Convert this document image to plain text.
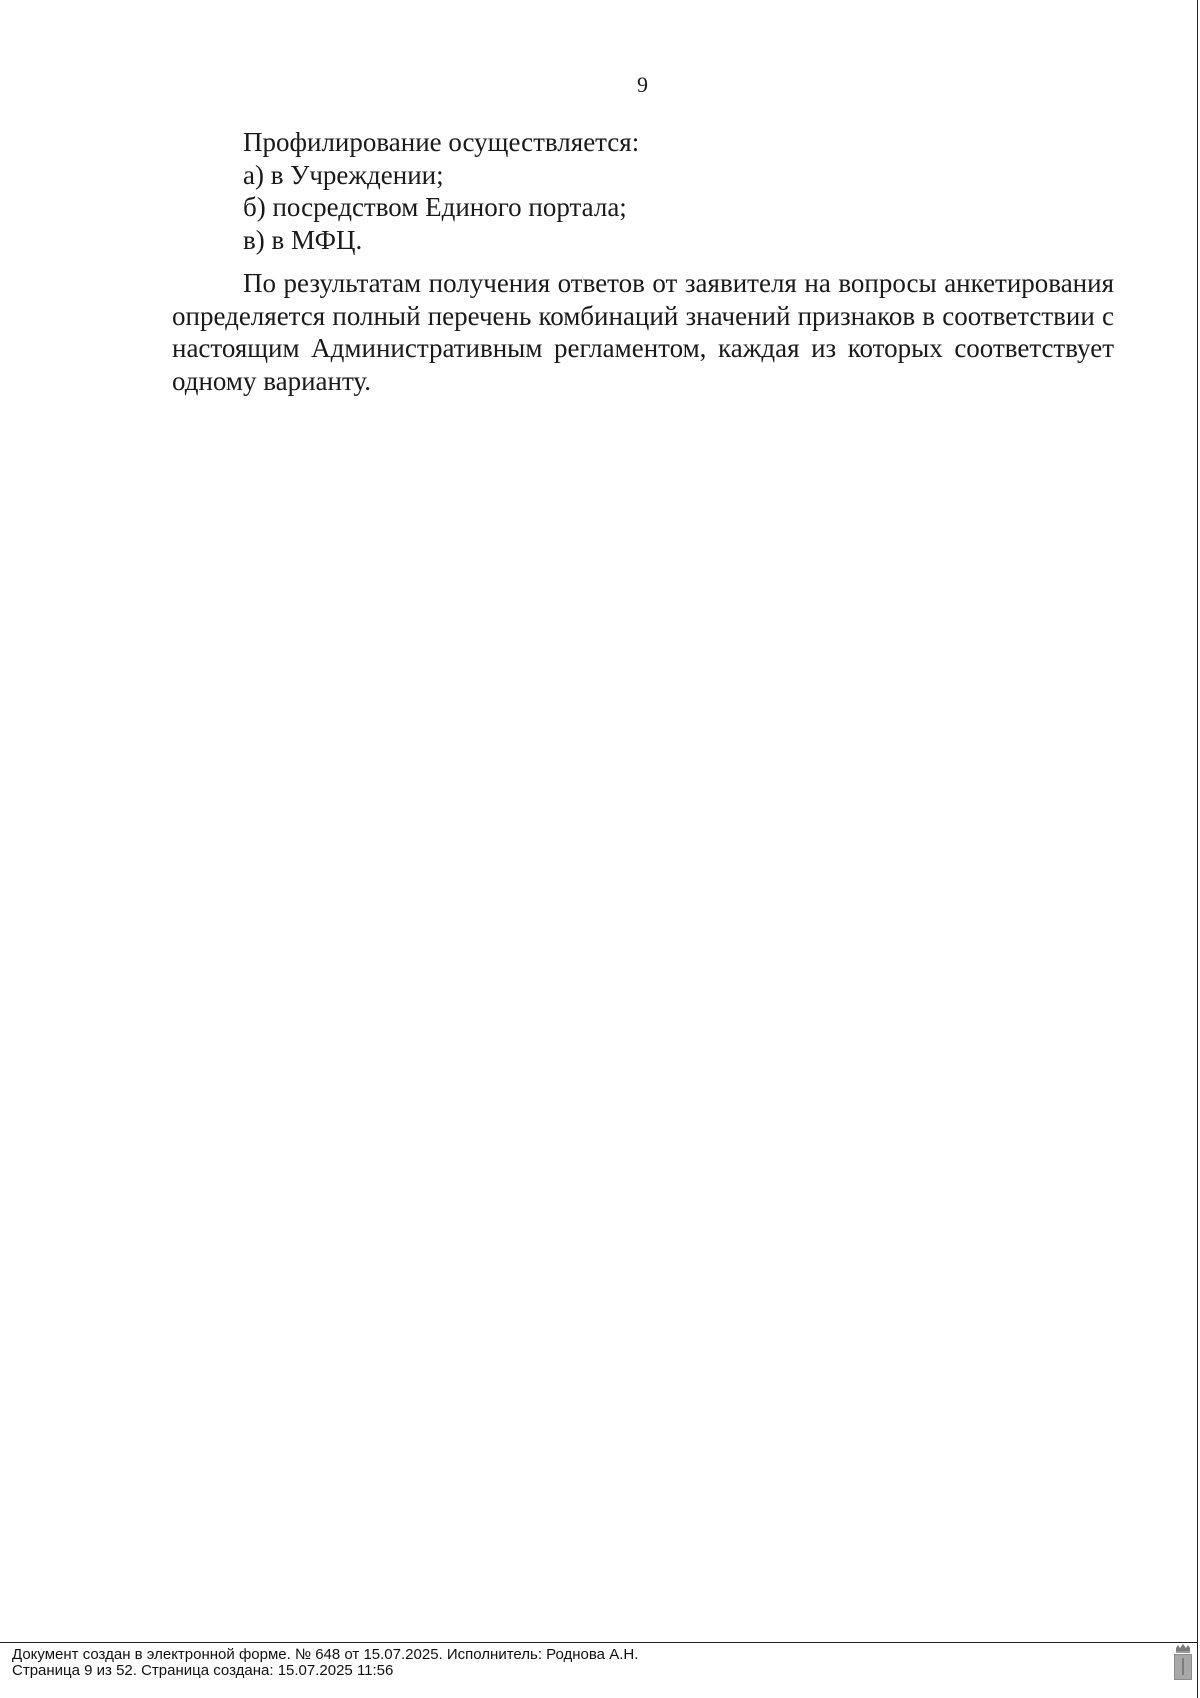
9

Профилирование осуществляется:

а) в Учреждении;

б) посредством Единого портала;

в) в МФЦ.

По результатам получения ответов от заявителя на вопросы анкетирования определяется полный перечень комбинаций значений признаков в соответствии с настоящим Административным регламентом, каждая из которых соответствует одному варианту.

Документ создан в электронной форме. № 648 от 15.07.2025. Исполнитель: Роднова А.Н.
Страница 9 из 52. Страница создана: 15.07.2025 11:56
